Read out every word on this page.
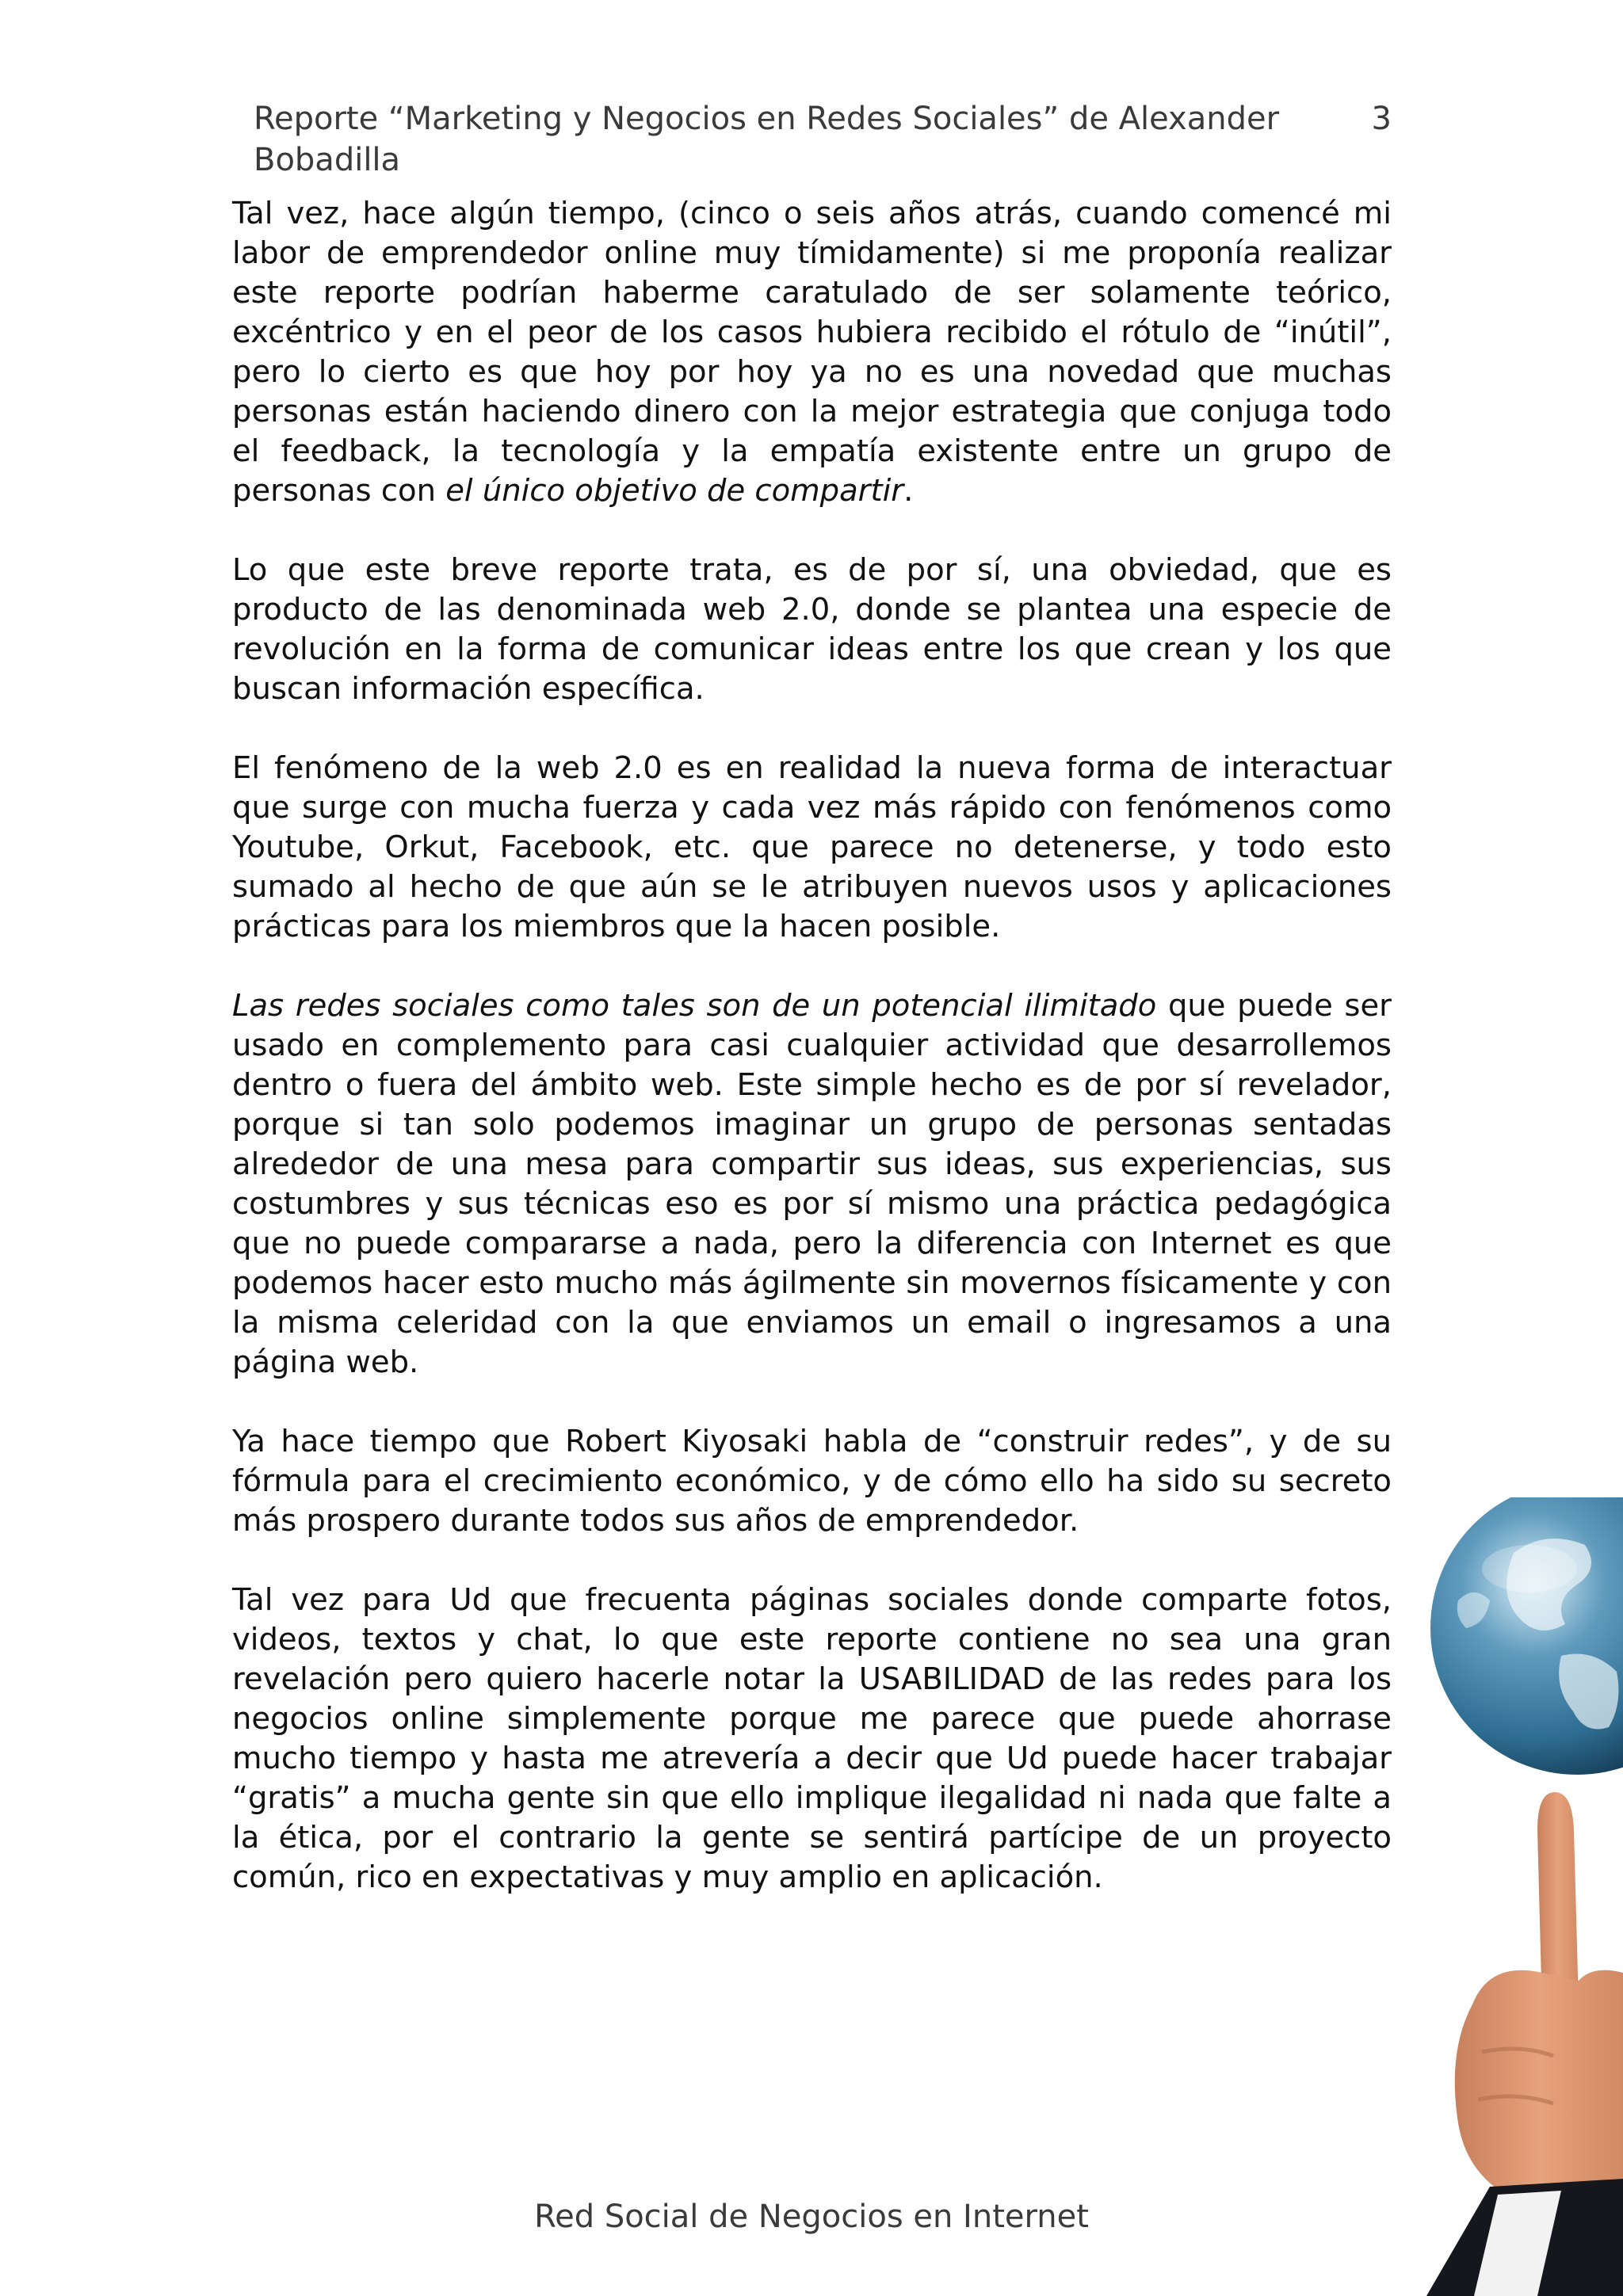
Reporte “Marketing y Negocios en Redes Sociales” de Alexander Bobadilla
3

Tal vez, hace algún tiempo, (cinco o seis años atrás, cuando comencé mi labor de emprendedor online muy tímidamente) si me proponía realizar este reporte podrían haberme caratulado de ser solamente teórico, excéntrico y en el peor de los casos hubiera recibido el rótulo de “inútil”, pero lo cierto es que hoy por hoy ya no es una novedad que muchas personas están haciendo dinero con la mejor estrategia que conjuga todo el feedback, la tecnología y la empatía existente entre un grupo de personas con el único objetivo de compartir.

Lo que este breve reporte trata, es de por sí, una obviedad, que es producto de las denominada web 2.0, donde se plantea una especie de revolución en la forma de comunicar ideas entre los que crean y los que buscan información específica.

El fenómeno de la web 2.0 es en realidad la nueva forma de interactuar que surge con mucha fuerza y cada vez más rápido con fenómenos como Youtube, Orkut, Facebook, etc. que parece no detenerse, y todo esto sumado al hecho de que aún se le atribuyen nuevos usos y aplicaciones prácticas para los miembros que la hacen posible.

Las redes sociales como tales son de un potencial ilimitado que puede ser usado en complemento para casi cualquier actividad que desarrollemos dentro o fuera del ámbito web. Este simple hecho es de por sí revelador, porque si tan solo podemos imaginar un grupo de personas sentadas alrededor de una mesa para compartir sus ideas, sus experiencias, sus costumbres y sus técnicas eso es por sí mismo una práctica pedagógica que no puede compararse a nada, pero la diferencia con Internet es que podemos hacer esto mucho más ágilmente sin movernos físicamente y con la misma celeridad con la que enviamos un email o ingresamos a una página web.

Ya hace tiempo que Robert Kiyosaki habla de “construir redes”, y de su fórmula para el crecimiento económico, y de cómo ello ha sido su secreto más prospero durante todos sus años de emprendedor.

Tal vez para Ud que frecuenta páginas sociales donde comparte fotos, videos, textos y chat, lo que este reporte contiene no sea una gran revelación pero quiero hacerle notar la USABILIDAD de las redes para los negocios online simplemente porque me parece que puede ahorrase mucho tiempo y hasta me atrevería a decir que Ud puede hacer trabajar “gratis” a mucha gente sin que ello implique ilegalidad ni nada que falte a la ética, por el contrario la gente se sentirá partícipe de un proyecto común, rico en expectativas y muy amplio en aplicación.

Red Social de Negocios en Internet
